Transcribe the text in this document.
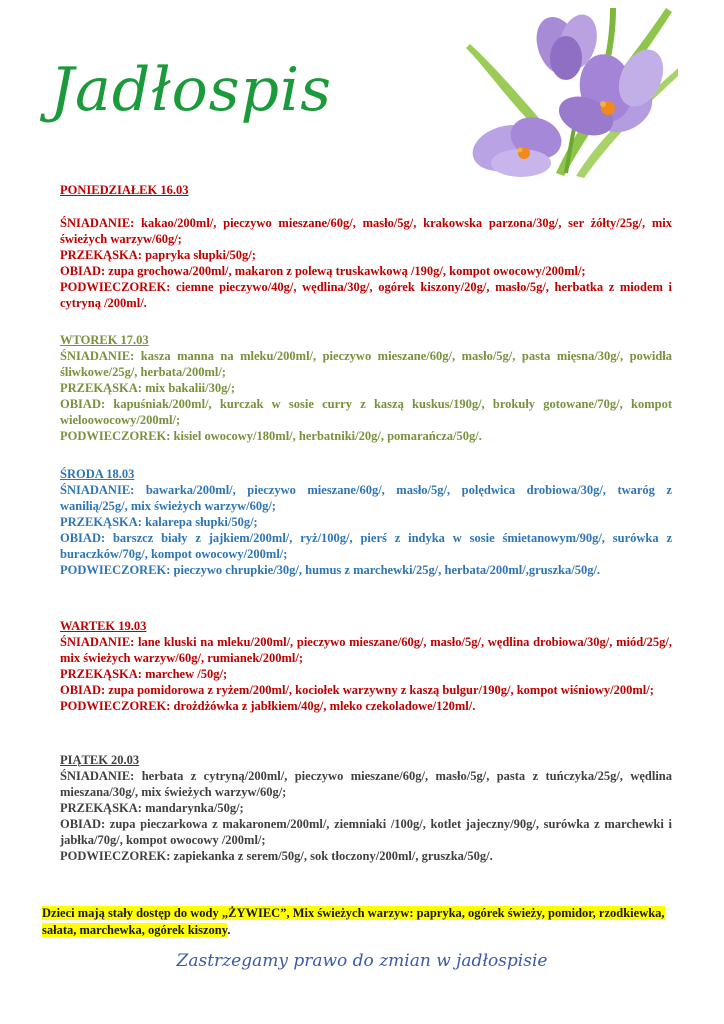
Jadłospis

PONIEDZIAŁEK 16.03

ŚNIADANIE: kakao/200ml/, pieczywo mieszane/60g/, masło/5g/, krakowska parzona/30g/, ser żółty/25g/, mix świeżych warzyw/60g/;

PRZEKĄSKA: papryka słupki/50g/;

OBIAD: zupa grochowa/200ml/, makaron z polewą truskawkową /190g/, kompot owocowy/200ml/;

PODWIECZOREK: ciemne pieczywo/40g/, wędlina/30g/, ogórek kiszony/20g/, masło/5g/, herbatka z miodem i cytryną /200ml/.

WTOREK 17.03

ŚNIADANIE: kasza manna na mleku/200ml/, pieczywo mieszane/60g/, masło/5g/, pasta mięsna/30g/, powidła śliwkowe/25g/, herbata/200ml/;

PRZEKĄSKA: mix bakalii/30g/;

OBIAD: kapuśniak/200ml/, kurczak w sosie curry z kaszą kuskus/190g/, brokuły gotowane/70g/, kompot wieloowocowy/200ml/;

PODWIECZOREK: kisiel owocowy/180ml/, herbatniki/20g/, pomarańcza/50g/.

ŚRODA 18.03

ŚNIADANIE: bawarka/200ml/, pieczywo mieszane/60g/, masło/5g/, polędwica drobiowa/30g/, twaróg z wanilią/25g/, mix świeżych warzyw/60g/;

PRZEKĄSKA: kalarepa słupki/50g/;

OBIAD: barszcz biały z jajkiem/200ml/, ryż/100g/, pierś z indyka w sosie śmietanowym/90g/, surówka z buraczków/70g/, kompot owocowy/200ml/;

PODWIECZOREK: pieczywo chrupkie/30g/, humus z marchewki/25g/, herbata/200ml/,gruszka/50g/.

WARTEK 19.03

ŚNIADANIE: lane kluski na mleku/200ml/, pieczywo mieszane/60g/, masło/5g/, wędlina drobiowa/30g/, miód/25g/, mix świeżych warzyw/60g/, rumianek/200ml/;

PRZEKĄSKA: marchew /50g/;

OBIAD: zupa pomidorowa z ryżem/200ml/, kociołek warzywny z kaszą bulgur/190g/, kompot wiśniowy/200ml/;

PODWIECZOREK: drożdżówka z jabłkiem/40g/, mleko czekoladowe/120ml/.

PIĄTEK 20.03

ŚNIADANIE: herbata z cytryną/200ml/, pieczywo mieszane/60g/, masło/5g/, pasta z tuńczyka/25g/, wędlina mieszana/30g/, mix świeżych warzyw/60g/;

PRZEKĄSKA: mandarynka/50g/;

OBIAD: zupa pieczarkowa z makaronem/200ml/, ziemniaki /100g/, kotlet jajeczny/90g/, surówka z marchewki i jabłka/70g/, kompot owocowy /200ml/;

PODWIECZOREK: zapiekanka z serem/50g/, sok tłoczony/200ml/, gruszka/50g/.

Dzieci mają stały dostęp do wody „ŻYWIEC”, Mix świeżych warzyw: papryka, ogórek świeży, pomidor, rzodkiewka, sałata, marchewka, ogórek kiszony.
Zastrzegamy prawo do zmian w jadłospisie
